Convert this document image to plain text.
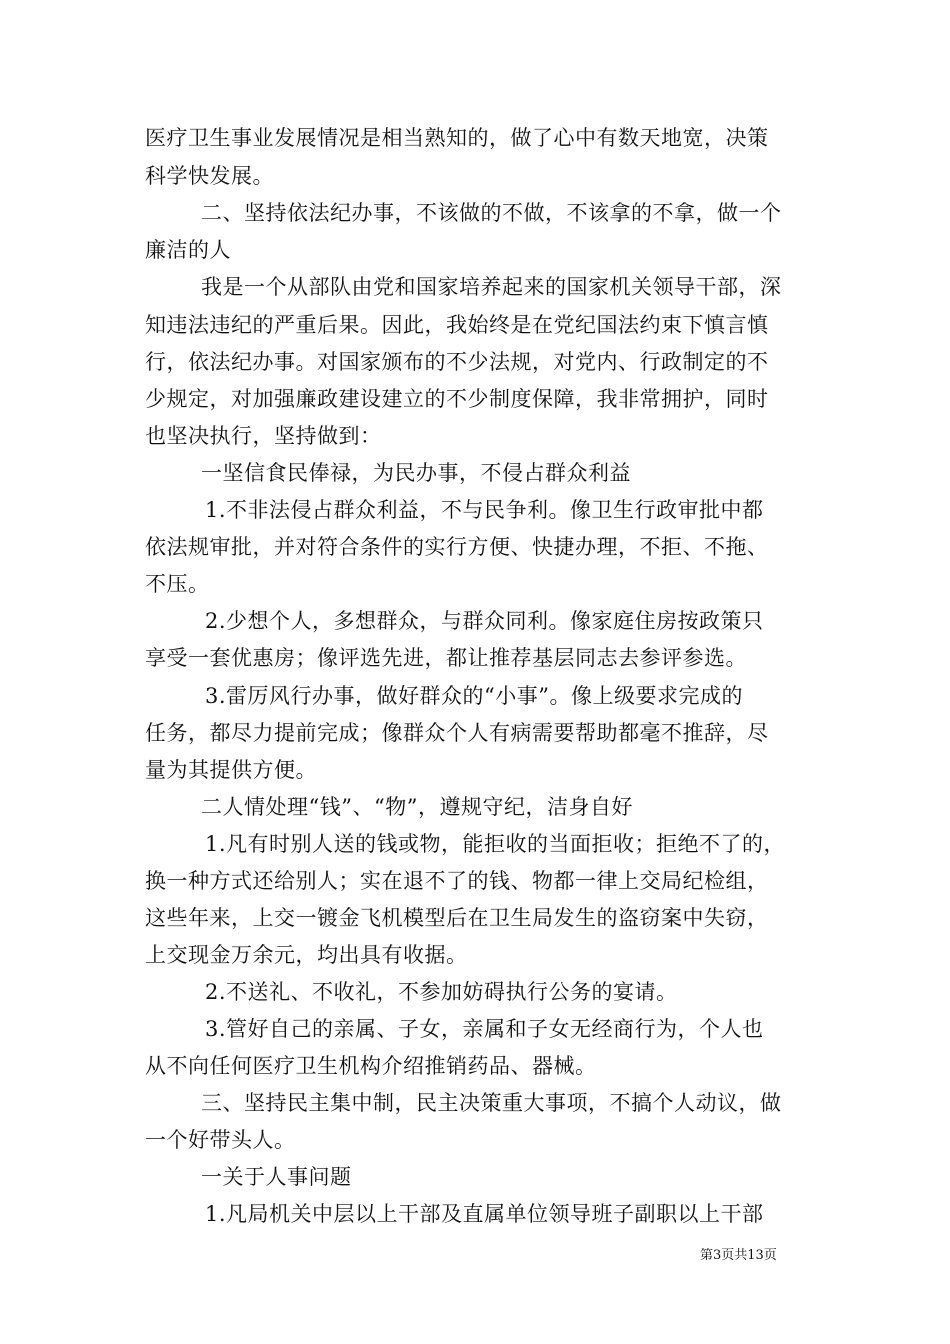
医疗卫生事业发展情况是相当熟知的，做了心中有数天地宽，决策
科学快发展。
二、坚持依法纪办事，不该做的不做，不该拿的不拿，做一个
廉洁的人
我是一个从部队由党和国家培养起来的国家机关领导干部，深
知违法违纪的严重后果。因此，我始终是在党纪国法约束下慎言慎
行，依法纪办事。对国家颁布的不少法规，对党内、行政制定的不
少规定，对加强廉政建设建立的不少制度保障，我非常拥护，同时
也坚决执行，坚持做到：
一坚信食民俸禄，为民办事，不侵占群众利益
1.不非法侵占群众利益，不与民争利。像卫生行政审批中都
依法规审批，并对符合条件的实行方便、快捷办理，不拒、不拖、
不压。
2.少想个人，多想群众，与群众同利。像家庭住房按政策只
享受一套优惠房；像评选先进，都让推荐基层同志去参评参选。
3.雷厉风行办事，做好群众的“小事”。像上级要求完成的
任务，都尽力提前完成；像群众个人有病需要帮助都毫不推辞，尽
量为其提供方便。
二人情处理“钱”、“物”，遵规守纪，洁身自好
1.凡有时别人送的钱或物，能拒收的当面拒收；拒绝不了的，
换一种方式还给别人；实在退不了的钱、物都一律上交局纪检组，
这些年来，上交一镀金飞机模型后在卫生局发生的盗窃案中失窃，
上交现金万余元，均出具有收据。
2.不送礼、不收礼，不参加妨碍执行公务的宴请。
3.管好自己的亲属、子女，亲属和子女无经商行为，个人也
从不向任何医疗卫生机构介绍推销药品、器械。
三、坚持民主集中制，民主决策重大事项，不搞个人动议，做
一个好带头人。
一关于人事问题
1.凡局机关中层以上干部及直属单位领导班子副职以上干部
第3页共13页
